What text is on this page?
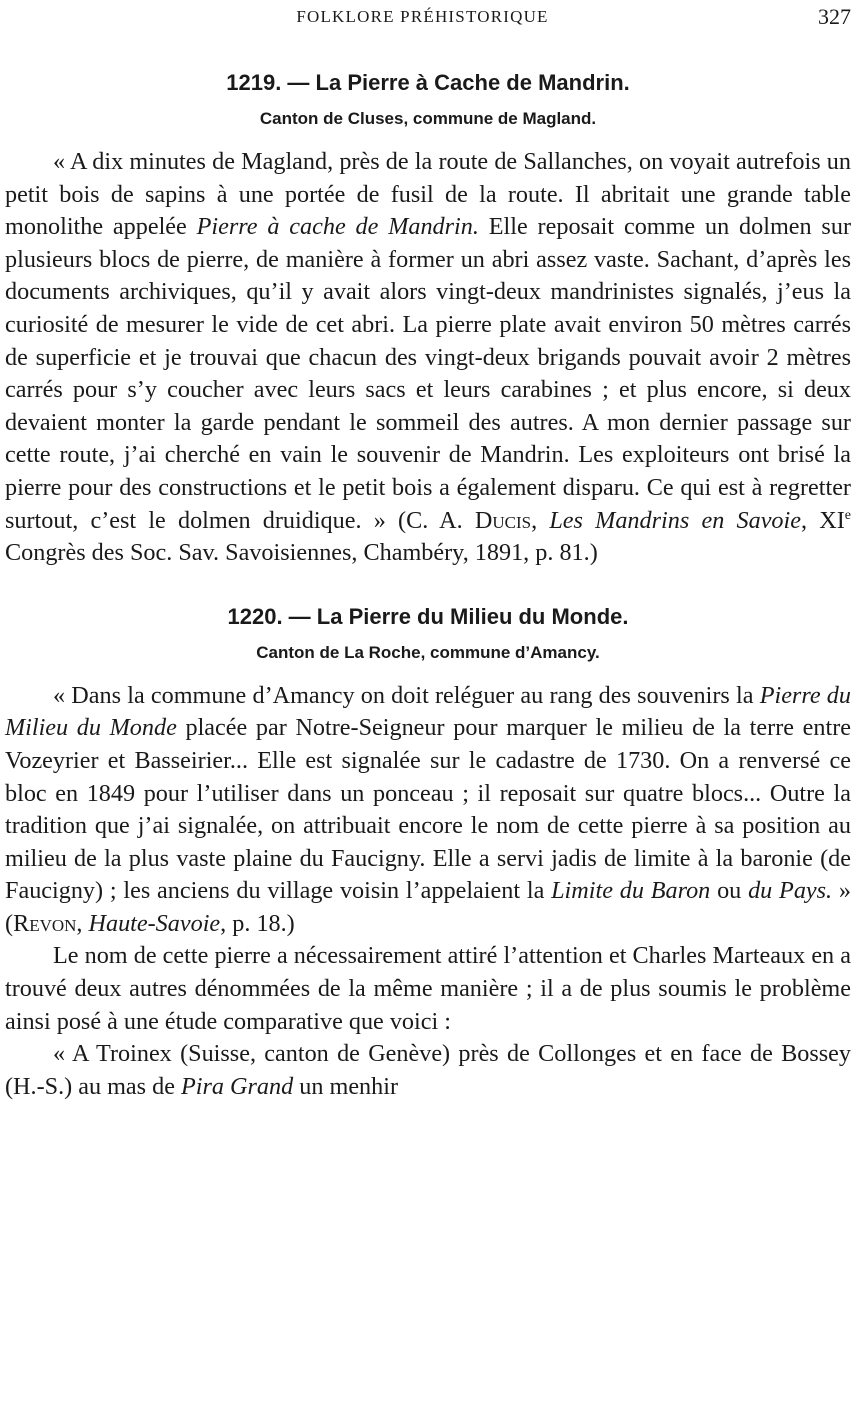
FOLKLORE PRÉHISTORIQUE	327
1219. — La Pierre à Cache de Mandrin.
Canton de Cluses, commune de Magland.

« A dix minutes de Magland, près de la route de Sallanches, on voyait autrefois un petit bois de sapins à une portée de fusil de la route. Il abritait une grande table monolithe appelée Pierre à cache de Mandrin. Elle reposait comme un dolmen sur plusieurs blocs de pierre, de manière à former un abri assez vaste. Sachant, d’après les documents archiviques, qu’il y avait alors vingt-deux mandrinistes signalés, j’eus la curiosité de mesurer le vide de cet abri. La pierre plate avait environ 50 mètres carrés de superficie et je trouvai que chacun des vingt-deux brigands pouvait avoir 2 mètres carrés pour s’y coucher avec leurs sacs et leurs carabines ; et plus encore, si deux devaient monter la garde pendant le sommeil des autres. A mon dernier passage sur cette route, j’ai cherché en vain le souvenir de Mandrin. Les exploiteurs ont brisé la pierre pour des constructions et le petit bois a également disparu. Ce qui est à regretter surtout, c’est le dolmen druidique. » (C. A. Ducis, Les Mandrins en Savoie, XIe Congrès des Soc. Sav. Savoisiennes, Chambéry, 1891, p. 81.)

1220. — La Pierre du Milieu du Monde.
Canton de La Roche, commune d’Amancy.

« Dans la commune d’Amancy on doit reléguer au rang des souvenirs la Pierre du Milieu du Monde placée par Notre-Seigneur pour marquer le milieu de la terre entre Vozeyrier et Basseirier... Elle est signalée sur le cadastre de 1730. On a renversé ce bloc en 1849 pour l’utiliser dans un ponceau ; il reposait sur quatre blocs... Outre la tradition que j’ai signalée, on attribuait encore le nom de cette pierre à sa position au milieu de la plus vaste plaine du Faucigny. Elle a servi jadis de limite à la baronie (de Faucigny) ; les anciens du village voisin l’appelaient la Limite du Baron ou du Pays. » (Revon, Haute-Savoie, p. 18.)

Le nom de cette pierre a nécessairement attiré l’attention et Charles Marteaux en a trouvé deux autres dénommées de la même manière ; il a de plus soumis le problème ainsi posé à une étude comparative que voici :

« A Troinex (Suisse, canton de Genève) près de Collonges et en face de Bossey (H.-S.) au mas de Pira Grand un menhir
